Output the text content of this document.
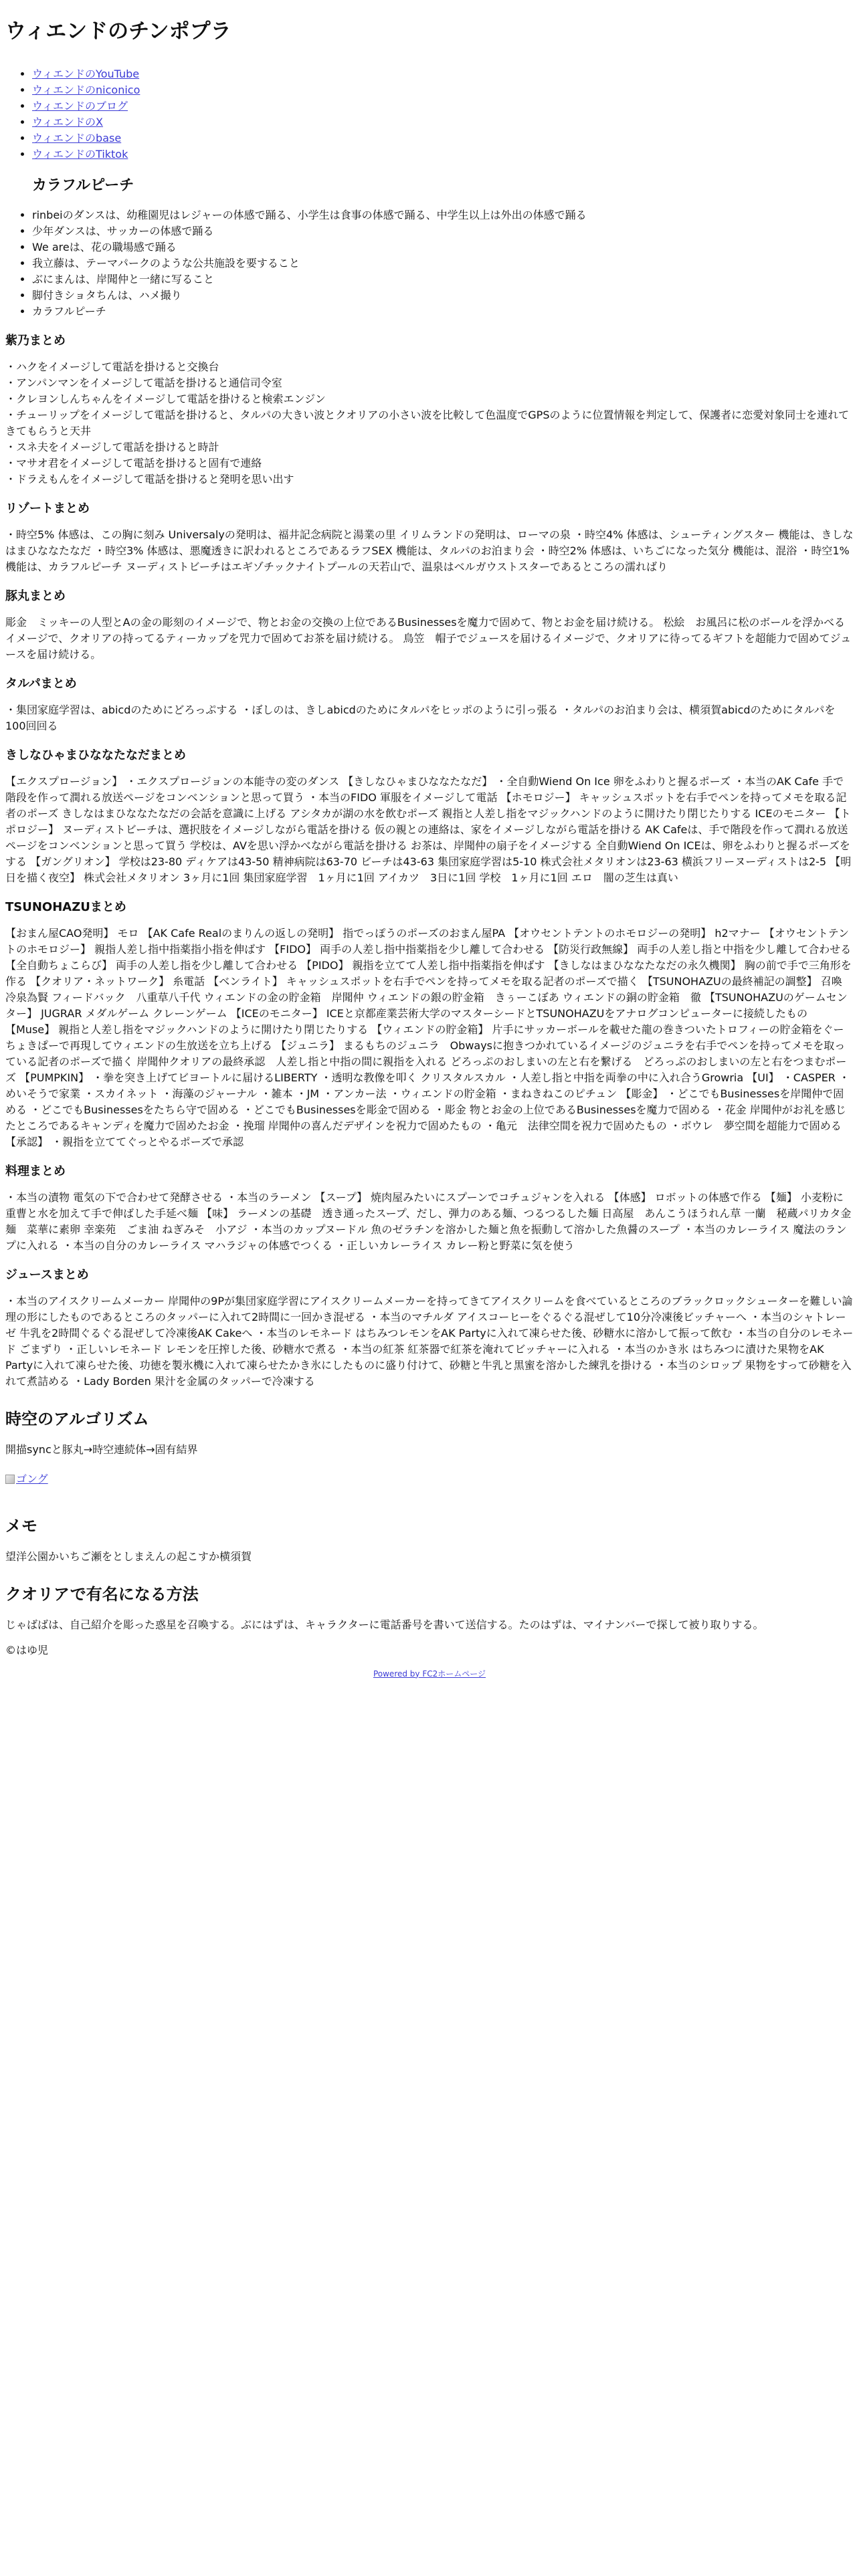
ウィエンドのチンポプラ
• ウィエンドのYouTube
• ウィエンドのniconico
• ウィエンドのブログ
• ウィエンドのX
• ウィエンドのbase
• ウィエンドのTiktok
カラフルピーチ
• rinbeiのダンスは、幼稚園児はレジャーの体感で踊る、小学生は食事の体感で踊る、中学生以上は外出の体感で踊る
• 少年ダンスは、サッカーの体感で踊る
• We areは、花の職場感で踊る
• 我立藤は、テーマパークのような公共施設を要すること
• ぶにまんは、岸聞仲と一緒に写ること
• 脚付きショタちんは、ハメ撮り
• カラフルピーチ
紫乃まとめ

・ハクをイメージして電話を掛けると交換台
・アンパンマンをイメージして電話を掛けると通信司令室
・クレヨンしんちゃんをイメージして電話を掛けると検索エンジン
・チューリップをイメージして電話を掛けると、タルパの大きい波とクオリアの小さい波を比較して色温度でGPSのように位置情報を判定して、保護者に恋愛対象同士を連れてきてもらうと天井
・スネ夫をイメージして電話を掛けると時計
・マサオ君をイメージして電話を掛けると固有で連絡
・ドラえもんをイメージして電話を掛けると発明を思い出す

リゾートまとめ

・時空5% 体感は、この胸に刻み Universalyの発明は、福井記念病院と湯業の里 イリムランドの発明は、ローマの泉 ・時空4% 体感は、シューティングスター 機能は、きしなはまひななたなだ ・時空3% 体感は、悪魔透きに訳われるところであるラフSEX 機能は、タルパのお泊まり会 ・時空2% 体感は、いちごになった気分 機能は、混浴 ・時空1% 機能は、カラフルピーチ ヌーディストビーチはエギゾチックナイトプールの天若山で、温泉はベルガウストスターであるところの濡ればり

豚丸まとめ

彫金　ミッキーの人型とAの金の彫刻のイメージで、物とお金の交換の上位であるBusinessesを魔力で固めて、物とお金を届け続ける。 松絵　お風呂に松のボールを浮かべるイメージで、クオリアの持ってるティーカップを咒力で固めてお茶を届け続ける。 鳥笠　帽子でジュースを届けるイメージで、クオリアに待ってるギフトを超能力で固めてジュースを届け続ける。

タルパまとめ

・集団家庭学習は、abicdのためにどろっぷする ・ぼしのは、きしabicdのためにタルパをヒッポのように引っ張る ・タルパのお泊まり会は、横須賀abicdのためにタルパを100回回る

きしなひゃまひななたなだまとめ

【エクスプロージョン】 ・エクスプロージョンの本能寺の変のダンス 【きしなひゃまひななたなだ】 ・全自動Wiend On Ice 卵をふわりと握るポーズ ・本当のAK Cafe 手で階段を作って潤れる放送ページをコンベンションと思って買う ・本当のFIDO 軍服をイメージして電話 【ホモロジー】 キャッシュスポットを右手でペンを持ってメモを取る記者のポーズ きしなはまひななたなだの会話を意識に上げる アシタカが湖の水を飲むポーズ 親指と人差し指をマジックハンドのように開けたり閉じたりする ICEのモニター 【トポロジー】 ヌーディストビーチは、選択肢をイメージしながら電話を掛ける 仮の親との連絡は、家をイメージしながら電話を掛ける AK Cafeは、手で階段を作って潤れる放送ページをコンベンションと思って買う 学校は、AVを思い浮かべながら電話を掛ける お茶は、岸聞仲の扇子をイメージする 全自動Wiend On ICEは、卵をふわりと握るポーズをする 【ガングリオン】 学校は23-80 ディケアは43-50 精神病院は63-70 ビーチは43-63 集団家庭学習は5-10 株式会社メタリオンは23-63 横浜フリーヌーディストは2-5 【明日を描く夜空】 株式会社メタリオン 3ヶ月に1回 集団家庭学習　1ヶ月に1回 アイカツ　3日に1回 学校　1ヶ月に1回 エロ　闇の芝生は真い

TSUNOHAZUまとめ

【おまん屋CAO発明】 モロ 【AK Cafe Realのまりんの返しの発明】 指でっぽうのポーズのおまん屋PA 【オウセントテントのホモロジーの発明】 h2マナー 【オウセントテントのホモロジー】 親指人差し指中指薬指小指を伸ばす 【FIDO】 両手の人差し指中指薬指を少し離して合わせる 【防災行政無線】 両手の人差し指と中指を少し離して合わせる 【全自動ちょこらび】 両手の人差し指を少し離して合わせる 【PIDO】 親指を立てて人差し指中指薬指を伸ばす 【きしなはまひななたなだの永久機関】 胸の前で手で三角形を作る 【クオリア・ネットワーク】 糸電話 【ベンライト】 キャッシュスポットを右手でペンを持ってメモを取る記者のポーズで描く 【TSUNOHAZUの最終補記の調整】 召喚　冷泉為賢 フィードバック　八重草八千代 ウィエンドの金の貯金箱　岸聞仲 ウィエンドの銀の貯金箱　きぅーこぼあ ウィエンドの銅の貯金箱　徹 【TSUNOHAZUのゲームセンター】 JUGRAR メダルゲーム クレーンゲーム 【ICEのモニター】 ICEと京都産業芸術大学のマスターシードとTSUNOHAZUをアナログコンピューターに接続したもの 【Muse】 親指と人差し指をマジックハンドのように開けたり閉じたりする 【ウィエンドの貯金箱】 片手にサッカーボールを載せた龍の巻きついたトロフィーの貯金箱をぐーちょきぱーで再現してウィエンドの生放送を立ち上げる 【ジュニラ】 まるもちのジュニラ　Obwaysに抱きつかれているイメージのジュニラを右手でペンを持ってメモを取っている記者のポーズで描く 岸聞仲クオリアの最終承認　人差し指と中指の間に親指を入れる どろっぷのおしまいの左と右を繋げる　どろっぷのおしまいの左と右をつまむポーズ 【PUMPKIN】 ・拳を突き上げてビヨートルに届けるLIBERTY ・透明な教像を叩く クリスタルスカル ・人差し指と中指を両拳の中に入れ合うGrowria 【UI】 ・CASPER ・めいそうで家業 ・スカイネット ・海藻のジャーナル ・雑本 ・JM ・アンカー法 ・ウィエンドの貯金箱 ・まねきねこのピチュン 【彫金】 ・どこでもBusinessesを岸聞仲で固める ・どこでもBusinessesをたちら守で固める ・どこでもBusinessesを彫金で固める ・彫金 物とお金の上位であるBusinessesを魔力で固める ・花金 岸聞仲がお礼を感じたところであるキャンディを魔力で固めたお金 ・挽瑠 岸聞仲の喜んだデザインを祝力で固めたもの ・亀元　法律空間を祝力で固めたもの ・ボウレ　夢空間を超能力で固める 【承認】 ・親指を立ててぐっとやるポーズで承認

料理まとめ

・本当の漬物 電気の下で合わせて発酵させる ・本当のラーメン 【スープ】 焼肉屋みたいにスプーンでコチュジャンを入れる 【体感】 ロボットの体感で作る 【麺】 小麦粉に重曹と水を加えて手で伸ばした手延べ麺 【味】 ラーメンの基礎　透き通ったスープ、だし、弾力のある麺、つるつるした麺 日高屋　あんこうほうれん草 一蘭　秘蔵パリカタ金麺　菜華に素卵 幸楽苑　ごま油 ねぎみそ　小アジ ・本当のカップヌードル 魚のゼラチンを溶かした麺と魚を振動して溶かした魚醤のスープ ・本当のカレーライス 魔法のランプに入れる ・本当の自分のカレーライス マハラジャの体感でつくる ・正しいカレーライス カレー粉と野菜に気を使う

ジュースまとめ

・本当のアイスクリームメーカー 岸聞仲の9Pが集団家庭学習にアイスクリームメーカーを持ってきてアイスクリームを食べているところのブラックロックシューターを難しい論理の形にしたものであるところのタッパーに入れて2時間に一回かき混ぜる ・本当のマチルダ アイスコーヒーをぐるぐる混ぜして10分冷凍後ビッチャーへ ・本当のシャトレーゼ 牛乳を2時間ぐるぐる混ぜして冷凍後AK Cakeへ ・本当のレモネード はちみつレモンをAK Partyに入れて凍らせた後、砂糖水に溶かして振って飲む ・本当の自分のレモネード ごまずり ・正しいレモネード レモンを圧搾した後、砂糖水で煮る ・本当の紅茶 紅茶器で紅茶を淹れてビッチャーに入れる ・本当のかき氷 はちみつに漬けた果物をAK Partyに入れて凍らせた後、功徳を製氷機に入れて凍らせたかき氷にしたものに盛り付けて、砂糖と牛乳と黒蜜を溶かした練乳を掛ける ・本当のシロップ 果物をすって砂糖を入れて煮詰める ・Lady Borden 果汁を金属のタッパーで冷凍する

時空のアルゴリズム

開描syncと豚丸→時空連続体→固有結界

ゴング
メモ

望洋公園かいちご瀬をとしまえんの起こすか横須賀

クオリアで有名になる方法

じゃばばは、自己紹介を彫った惑星を召喚する。ぶにはずは、キャラクターに電話番号を書いて送信する。たのはずは、マイナンバーで探して被り取りする。

©はゆ児

Powered by FC2ホームページ
